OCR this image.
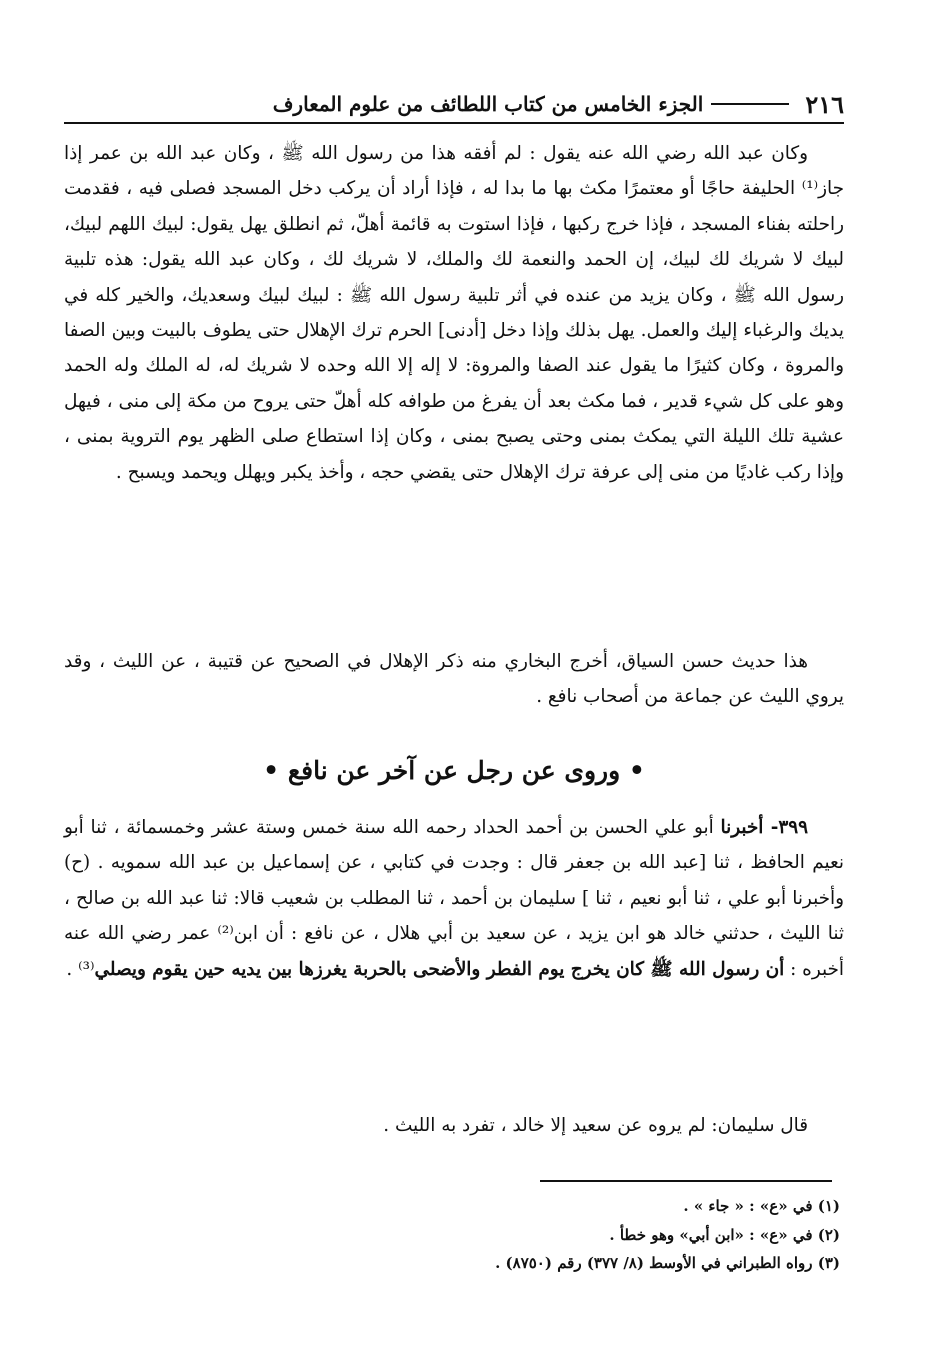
٢١٦
الجزء الخامس من كتاب اللطائف من علوم المعارف

وكان عبد الله رضي الله عنه يقول : لم أفقه هذا من رسول الله ﷺ ، وكان عبد الله بن عمر إذا جاز⁽¹⁾ الحليفة حاجًا أو معتمرًا مكث بها ما بدا له ، فإذا أراد أن يركب دخل المسجد فصلى فيه ، فقدمت راحلته بفناء المسجد ، فإذا خرج ركبها ، فإذا استوت به قائمة أهلّ، ثم انطلق يهل يقول: لبيك اللهم لبيك، لبيك لا شريك لك لبيك، إن الحمد والنعمة لك والملك، لا شريك لك ، وكان عبد الله يقول: هذه تلبية رسول الله ﷺ ، وكان يزيد من عنده في أثر تلبية رسول الله ﷺ : لبيك لبيك وسعديك، والخير كله في يديك والرغباء إليك والعمل. يهل بذلك وإذا دخل [أدنى] الحرم ترك الإهلال حتى يطوف بالبيت وبين الصفا والمروة ، وكان كثيرًا ما يقول عند الصفا والمروة: لا إله إلا الله وحده لا شريك له، له الملك وله الحمد وهو على كل شيء قدير ، فما مكث بعد أن يفرغ من طوافه كله أهلّ حتى يروح من مكة إلى منى ، فيهل عشية تلك الليلة التي يمكث بمنى وحتى يصبح بمنى ، وكان إذا استطاع صلى الظهر يوم التروية بمنى ، وإذا ركب غاديًا من منى إلى عرفة ترك الإهلال حتى يقضي حجه ، وأخذ يكبر ويهلل ويحمد ويسبح .

هذا حديث حسن السياق، أخرج البخاري منه ذكر الإهلال في الصحيح عن قتيبة ، عن الليث ، وقد يروي الليث عن جماعة من أصحاب نافع .

• وروى عن رجل عن آخر عن نافع •

٣٩٩- أخبرنا أبو علي الحسن بن أحمد الحداد رحمه الله سنة خمس وستة عشر وخمسمائة ، ثنا أبو نعيم الحافظ ، ثنا [عبد الله بن جعفر قال : وجدت في كتابي ، عن إسماعيل بن عبد الله سمويه . (ح) وأخبرنا أبو علي ، ثنا أبو نعيم ، ثنا ] سليمان بن أحمد ، ثنا المطلب بن شعيب قالا: ثنا عبد الله بن صالح ، ثنا الليث ، حدثني خالد هو ابن يزيد ، عن سعيد بن أبي هلال ، عن نافع : أن ابن⁽²⁾ عمر رضي الله عنه أخبره : أن رسول الله ﷺ كان يخرج يوم الفطر والأضحى بالحربة يغرزها بين يديه حين يقوم ويصلي⁽³⁾ .

قال سليمان: لم يروه عن سعيد إلا خالد ، تفرد به الليث .

(١) في «ع» : « جاء » .
(٢) في «ع» : «ابن أبي» وهو خطأ .
(٣) رواه الطبراني في الأوسط (٨/ ٣٧٧) رقم (٨٧٥٠) .
